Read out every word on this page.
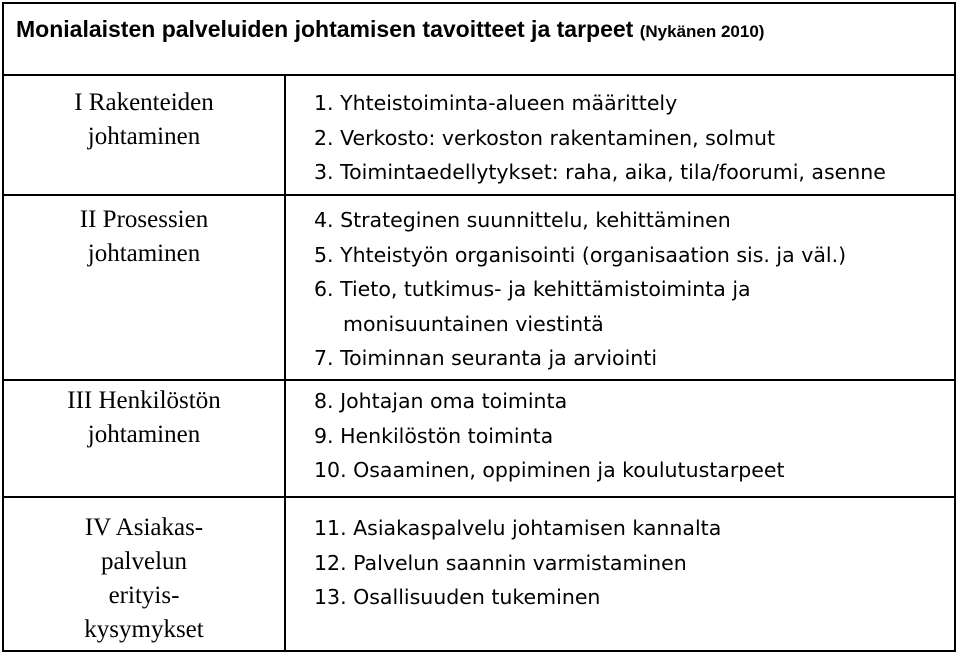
Monialaisten palveluiden johtamisen tavoitteet ja tarpeet (Nykänen 2010)
I Rakenteiden
johtaminen
1. Yhteistoiminta-alueen määrittely
2. Verkosto: verkoston rakentaminen, solmut
3. Toimintaedellytykset: raha, aika, tila/foorumi, asenne
II Prosessien
johtaminen
4. Strateginen suunnittelu, kehittäminen
5. Yhteistyön organisointi (organisaation sis. ja väl.)
6. Tieto, tutkimus- ja kehittämistoiminta ja
monisuuntainen viestintä
7. Toiminnan seuranta ja arviointi
III Henkilöstön
johtaminen
8. Johtajan oma toiminta
9. Henkilöstön toiminta
10. Osaaminen, oppiminen ja koulutustarpeet
IV Asiakas-
palvelun
erityis-
kysymykset
11. Asiakaspalvelu johtamisen kannalta
12. Palvelun saannin varmistaminen
13. Osallisuuden tukeminen
